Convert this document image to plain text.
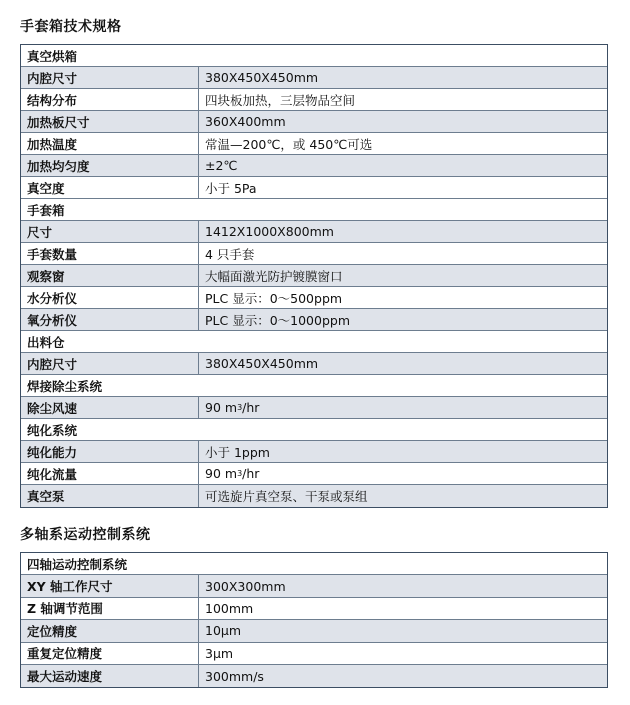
手套箱技术规格
真空烘箱
内腔尺寸	380X450X450mm
结构分布	四块板加热，三层物品空间
加热板尺寸	360X400mm
加热温度	常温—200℃，或 450℃可选
加热均匀度	±2℃
真空度	小于 5Pa
手套箱
尺寸	1412X1000X800mm
手套数量	4 只手套
观察窗	大幅面激光防护镀膜窗口
水分析仪	PLC 显示：0～500ppm
氧分析仪	PLC 显示：0～1000ppm
出料仓
内腔尺寸	380X450X450mm
焊接除尘系统
除尘风速	90 m 3 /hr
纯化系统
纯化能力	小于 1ppm
纯化流量	90 m 3 /hr
真空泵	可选旋片真空泵、干泵或泵组
多轴系运动控制系统
四轴运动控制系统
XY 轴工作尺寸	300X300mm
Z 轴调节范围	100mm
定位精度	10μm
重复定位精度	3μm
最大运动速度	300mm/s
